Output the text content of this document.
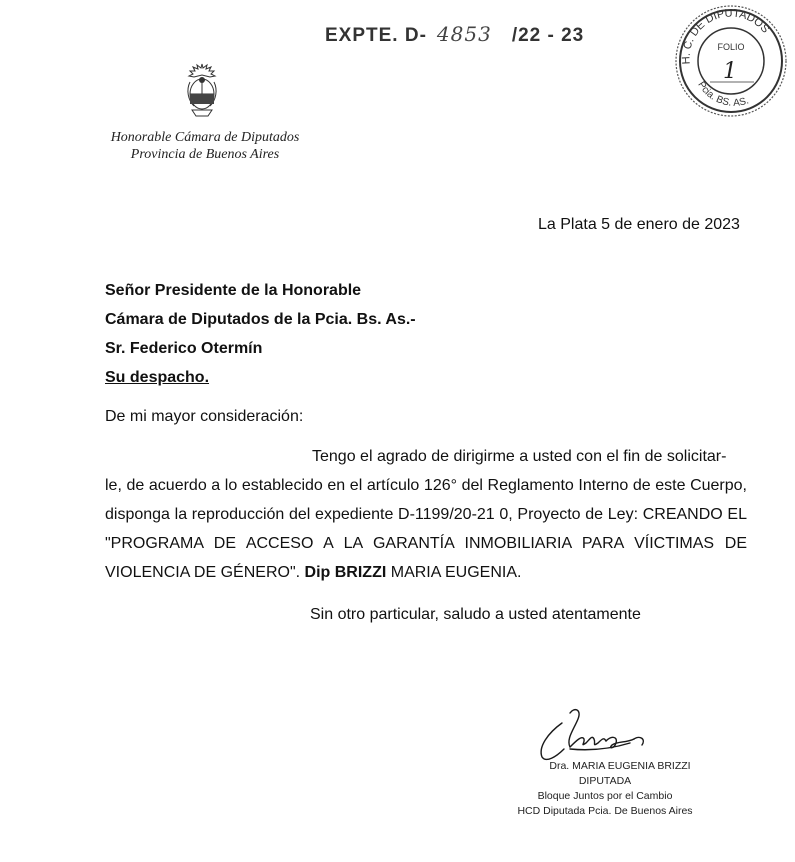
EXPTE. D- 4853 /22 - 23
Honorable Cámara de Diputados
Provincia de Buenos Aires
H. C. DE DIPUTADOS
Pcia. BS. AS.
FOLIO
1
La Plata 5 de enero de 2023
Señor Presidente de la Honorable
Cámara de Diputados de la Pcia. Bs. As.-
Sr. Federico Otermín
Su despacho.
De mi mayor consideración:

Tengo el agrado de dirigirme a usted con el fin de solicitar-

le, de acuerdo a lo establecido en el artículo 126° del Reglamento Interno de este Cuerpo, disponga la reproducción del expediente D-1199/20-21 0, Proyecto de Ley: CREANDO EL "PROGRAMA DE ACCESO A LA GARANTÍA INMOBILIARIA PARA VÍICTIMAS DE VIOLENCIA DE GÉNERO". Dip BRIZZI MARIA EUGENIA.

Sin otro particular, saludo a usted atentamente
Dra. MARIA EUGENIA BRIZZI
DIPUTADA
Bloque Juntos por el Cambio
HCD Diputada Pcia. De Buenos Aires
